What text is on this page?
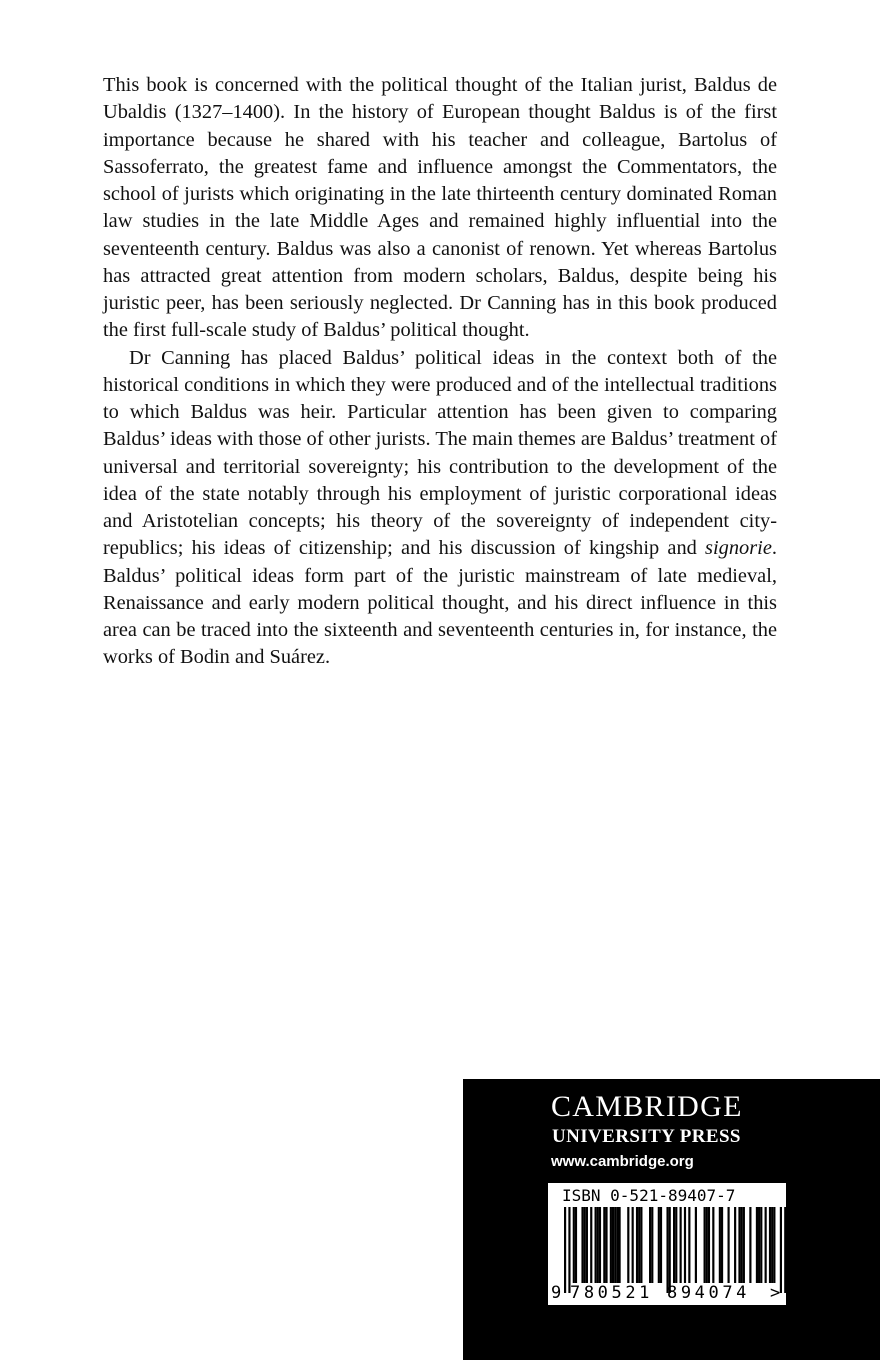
This book is concerned with the political thought of the Italian jurist, Baldus de Ubaldis (1327–1400). In the history of European thought Baldus is of the first importance because he shared with his teacher and colleague, Bartolus of Sassoferrato, the greatest fame and influence amongst the Commentators, the school of jurists which originating in the late thirteenth century dominated Roman law studies in the late Middle Ages and remained highly influential into the seventeenth century. Baldus was also a canonist of renown. Yet whereas Bartolus has attracted great attention from modern scholars, Baldus, despite being his juristic peer, has been seriously neglected. Dr Canning has in this book produced the first full-scale study of Baldus’ political thought.

Dr Canning has placed Baldus’ political ideas in the context both of the historical conditions in which they were produced and of the intellectual traditions to which Baldus was heir. Particular attention has been given to comparing Baldus’ ideas with those of other jurists. The main themes are Baldus’ treatment of universal and territorial sovereignty; his contribution to the development of the idea of the state notably through his employment of juristic corporational ideas and Aristotelian concepts; his theory of the sovereignty of independent city-republics; his ideas of citizenship; and his discussion of kingship and signorie. Baldus’ political ideas form part of the juristic mainstream of late medieval, Renaissance and early modern political thought, and his direct influence in this area can be traced into the sixteenth and seventeenth centuries in, for instance, the works of Bodin and Suárez.

CAMBRIDGE
UNIVERSITY PRESS
www.cambridge.org
ISBN 0-521-89407-7
9 780521 894074 >
